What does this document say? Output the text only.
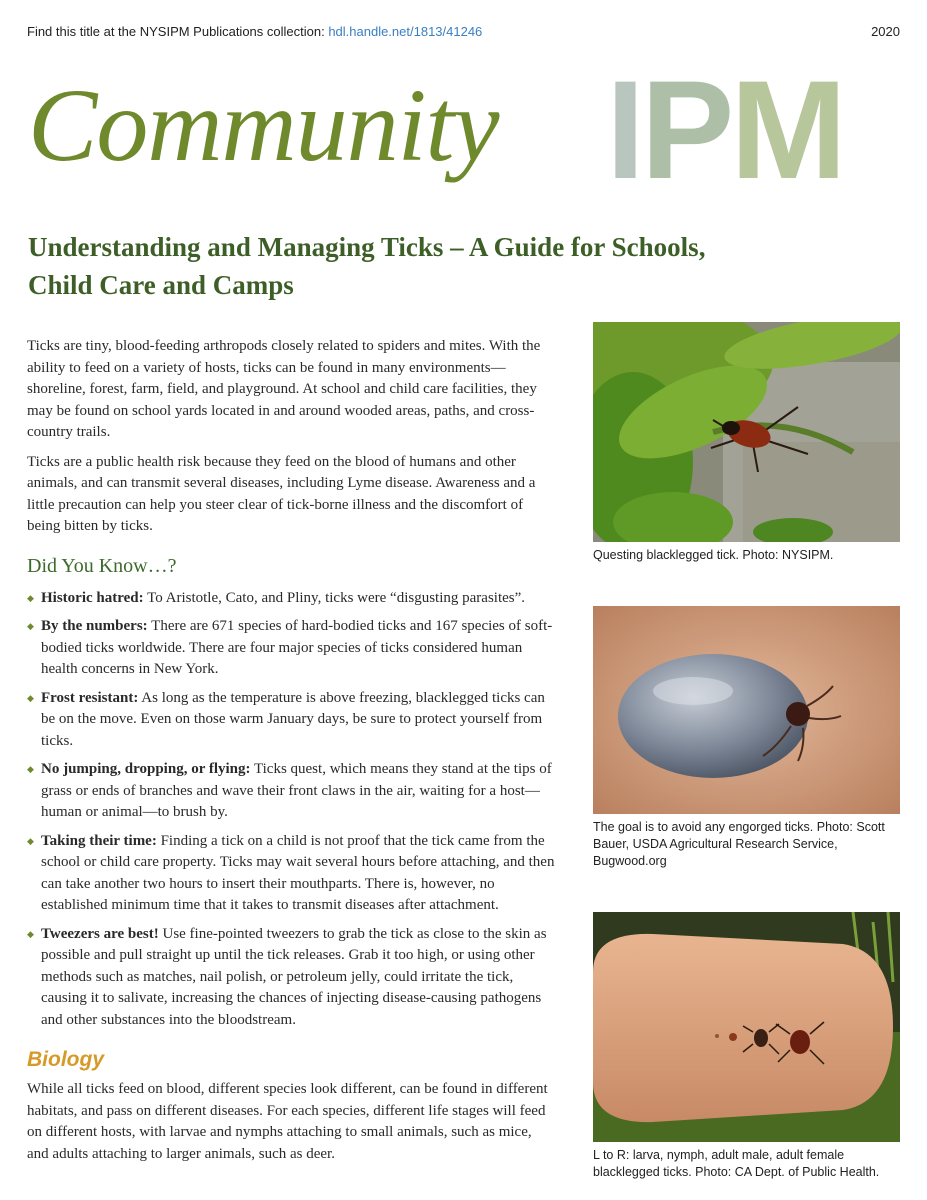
Find this title at the NYSIPM Publications collection: hdl.handle.net/1813/41246	2020
IPM
Community
Understanding and Managing Ticks – A Guide for Schools,
Child Care and Camps

Ticks are tiny, blood-feeding arthropods closely related to spiders and mites. With the ability to feed on a variety of hosts, ticks can be found in many environments—shoreline, forest, farm, field, and playground. At school and child care facilities, they may be found on school yards located in and around wooded areas, paths, and cross-country trails.

Ticks are a public health risk because they feed on the blood of humans and other animals, and can transmit several diseases, including Lyme disease. Awareness and a little precaution can help you steer clear of tick-borne illness and the discomfort of being bitten by ticks.

Did You Know…?
◆ Historic hatred: To Aristotle, Cato, and Pliny, ticks were “disgusting parasites”.
◆ By the numbers: There are 671 species of hard-bodied ticks and 167 species of soft-bodied ticks worldwide. There are four major species of ticks considered human health concerns in New York.
◆ Frost resistant: As long as the temperature is above freezing, blacklegged ticks can be on the move. Even on those warm January days, be sure to protect yourself from ticks.
◆ No jumping, dropping, or flying: Ticks quest, which means they stand at the tips of grass or ends of branches and wave their front claws in the air, waiting for a host—human or animal—to brush by.
◆ Taking their time: Finding a tick on a child is not proof that the tick came from the school or child care property. Ticks may wait several hours before attaching, and then can take another two hours to insert their mouthparts. There is, however, no established minimum time that it takes to transmit diseases after attachment.
◆ Tweezers are best! Use fine-pointed tweezers to grab the tick as close to the skin as possible and pull straight up until the tick releases. Grab it too high, or using other methods such as matches, nail polish, or petroleum jelly, could irritate the tick, causing it to salivate, increasing the chances of injecting disease-causing pathogens and other substances into the bloodstream.
Biology

While all ticks feed on blood, different species look different, can be found in different habitats, and pass on different diseases. For each species, different life stages will feed on different hosts, with larvae and nymphs attaching to small animals, such as mice, and adults attaching to larger animals, such as deer.

Questing blacklegged tick. Photo: NYSIPM.
The goal is to avoid any engorged ticks. Photo: Scott Bauer, USDA Agricultural Research Service, Bugwood.org
L to R: larva, nymph, adult male, adult female blacklegged ticks. Photo: CA Dept. of Public Health.
